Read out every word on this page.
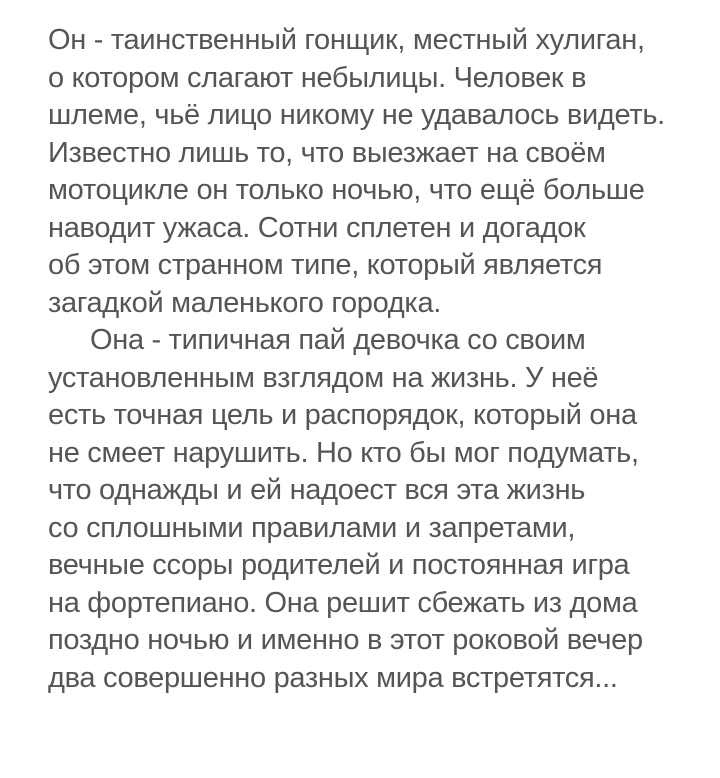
Он - таинственный гонщик, местный хулиган,
о котором слагают небылицы. Человек в
шлеме, чьё лицо никому не удавалось видеть.
Известно лишь то, что выезжает на своём
мотоцикле он только ночью, что ещё больше
наводит ужаса. Сотни сплетен и догадок
об этом странном типе, который является
загадкой маленького городка.
Она - типичная пай девочка со своим
установленным взглядом на жизнь. У неё
есть точная цель и распорядок, который она
не смеет нарушить. Но кто бы мог подумать,
что однажды и ей надоест вся эта жизнь
со сплошными правилами и запретами,
вечные ссоры родителей и постоянная игра
на фортепиано. Она решит сбежать из дома
поздно ночью и именно в этот роковой вечер
два совершенно разных мира встретятся...
